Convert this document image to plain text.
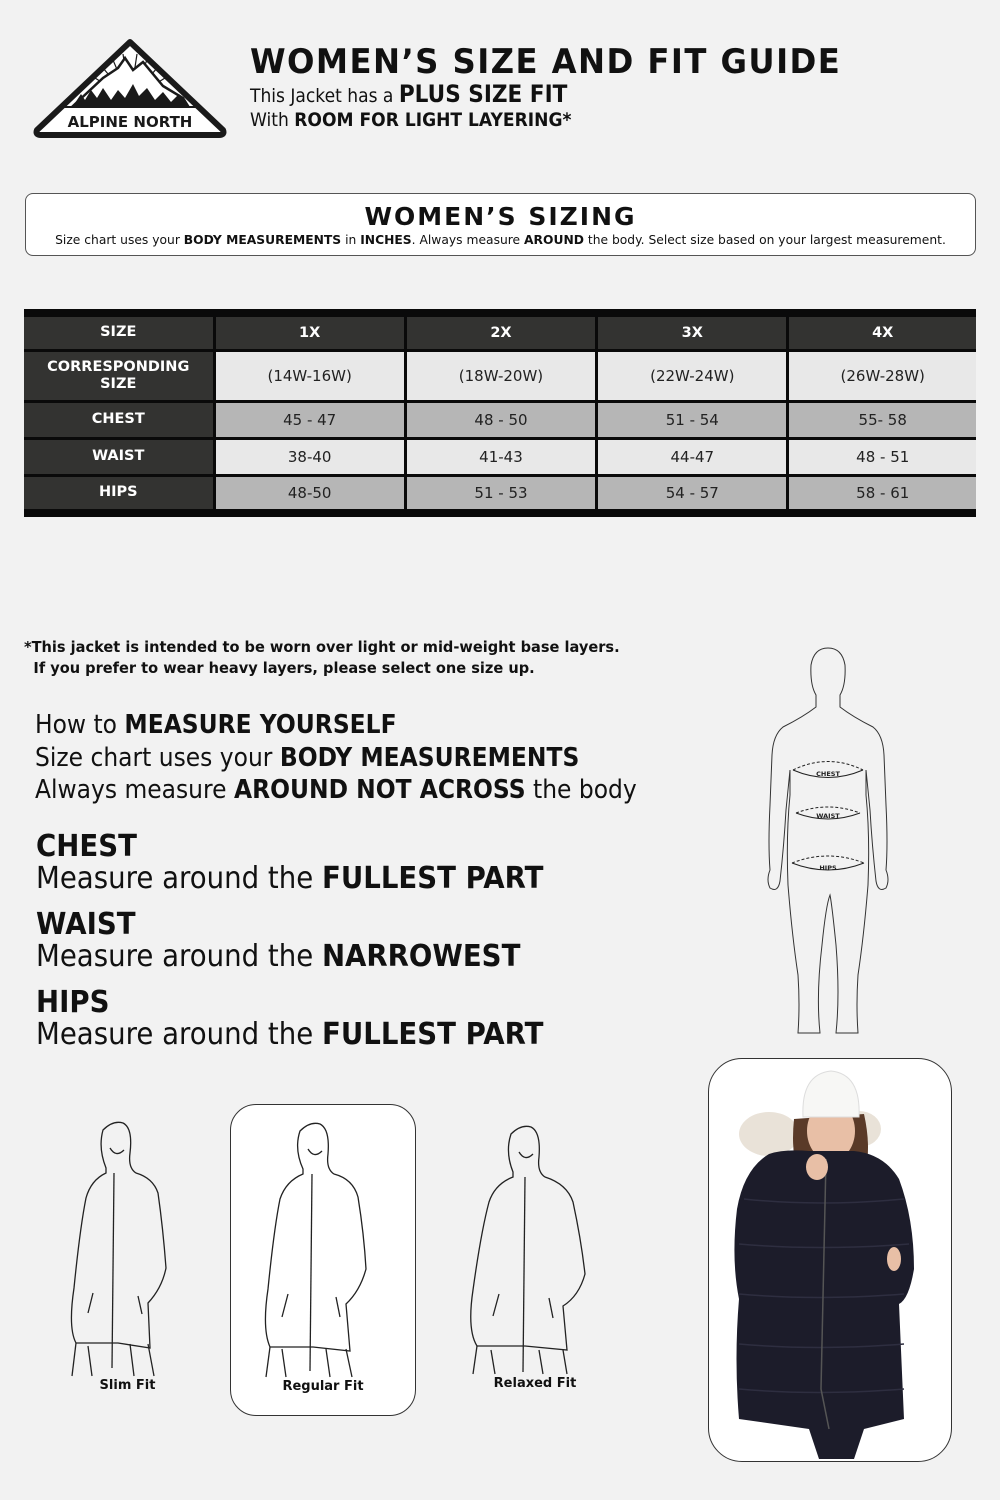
ALPINE NORTH
WOMEN’S SIZE AND FIT GUIDE
This Jacket has a PLUS SIZE FIT
With ROOM FOR LIGHT LAYERING*
WOMEN’S SIZING
Size chart uses your BODY MEASUREMENTS in INCHES. Always measure AROUND the body. Select size based on your largest measurement.
SIZE	1X	2X	3X	4X
CORRESPONDING
SIZE	(14W-16W)	(18W-20W)	(22W-24W)	(26W-28W)
CHEST	45 - 47	48 - 50	51 - 54	55- 58
WAIST	38-40	41-43	44-47	48 - 51
HIPS	48-50	51 - 53	54 - 57	58 - 61
*This jacket is intended to be worn over light or mid-weight base layers.
If you prefer to wear heavy layers, please select one size up.
How to MEASURE YOURSELF
Size chart uses your BODY MEASUREMENTS
Always measure AROUND NOT ACROSS the body
CHEST
Measure around the FULLEST PART
WAIST
Measure around the NARROWEST
HIPS
Measure around the FULLEST PART
CHEST
WAIST
HIPS
Slim Fit	Regular Fit	Relaxed Fit
